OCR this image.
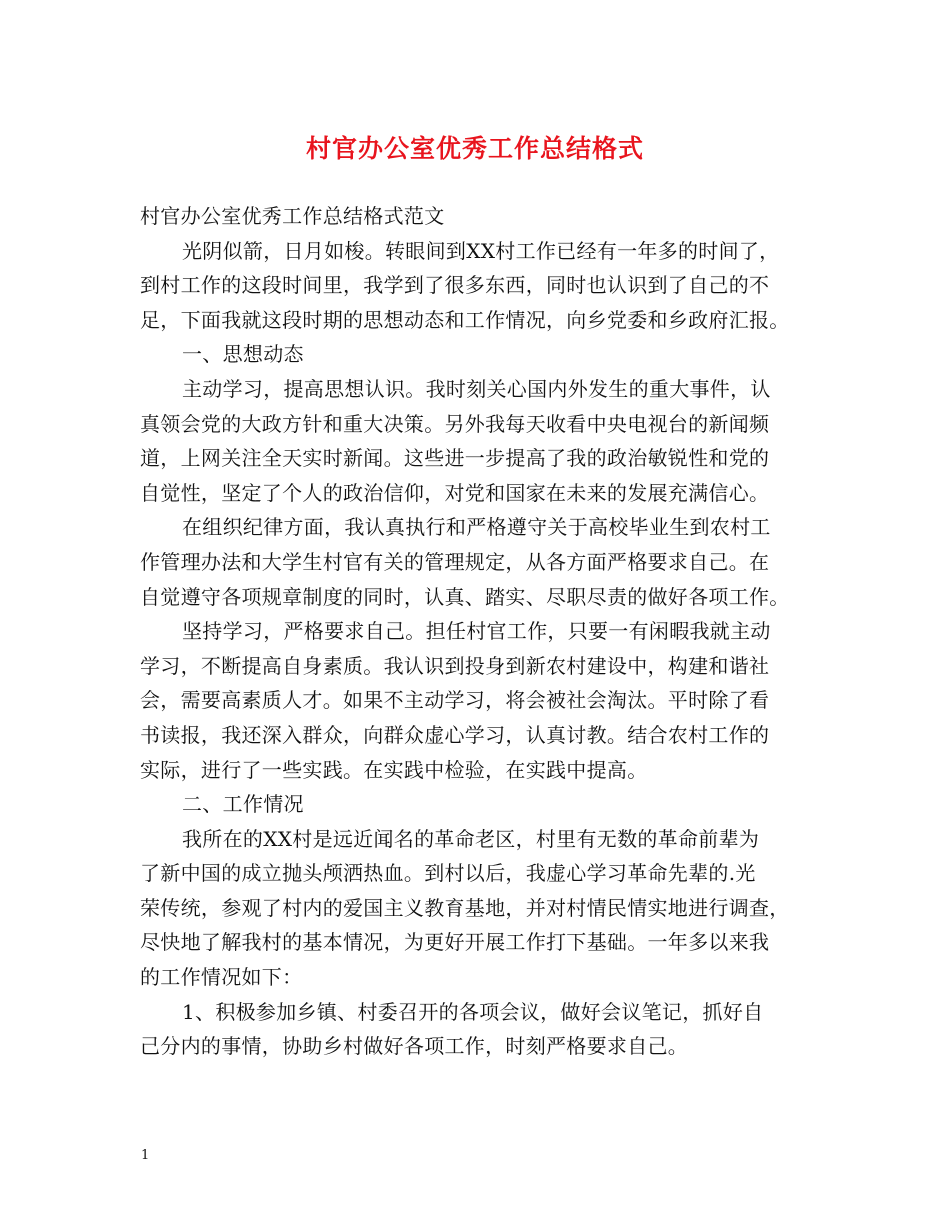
村官办公室优秀工作总结格式

村官办公室优秀工作总结格式范文

光阴似箭，日月如梭。转眼间到XX村工作已经有一年多的时间了，

到村工作的这段时间里，我学到了很多东西，同时也认识到了自己的不

足，下面我就这段时期的思想动态和工作情况，向乡党委和乡政府汇报。

一、思想动态

主动学习，提高思想认识。我时刻关心国内外发生的重大事件，认

真领会党的大政方针和重大决策。另外我每天收看中央电视台的新闻频

道，上网关注全天实时新闻。这些进一步提高了我的政治敏锐性和党的

自觉性，坚定了个人的政治信仰，对党和国家在未来的发展充满信心。

在组织纪律方面，我认真执行和严格遵守关于高校毕业生到农村工

作管理办法和大学生村官有关的管理规定，从各方面严格要求自己。在

自觉遵守各项规章制度的同时，认真、踏实、尽职尽责的做好各项工作。

坚持学习，严格要求自己。担任村官工作，只要一有闲暇我就主动

学习，不断提高自身素质。我认识到投身到新农村建设中，构建和谐社

会，需要高素质人才。如果不主动学习，将会被社会淘汰。平时除了看

书读报，我还深入群众，向群众虚心学习，认真讨教。结合农村工作的

实际，进行了一些实践。在实践中检验，在实践中提高。

二、工作情况

我所在的XX村是远近闻名的革命老区，村里有无数的革命前辈为

了新中国的成立抛头颅洒热血。到村以后，我虚心学习革命先辈的.光

荣传统，参观了村内的爱国主义教育基地，并对村情民情实地进行调查，

尽快地了解我村的基本情况，为更好开展工作打下基础。一年多以来我

的工作情况如下：

1、积极参加乡镇、村委召开的各项会议，做好会议笔记，抓好自

己分内的事情，协助乡村做好各项工作，时刻严格要求自己。

1
